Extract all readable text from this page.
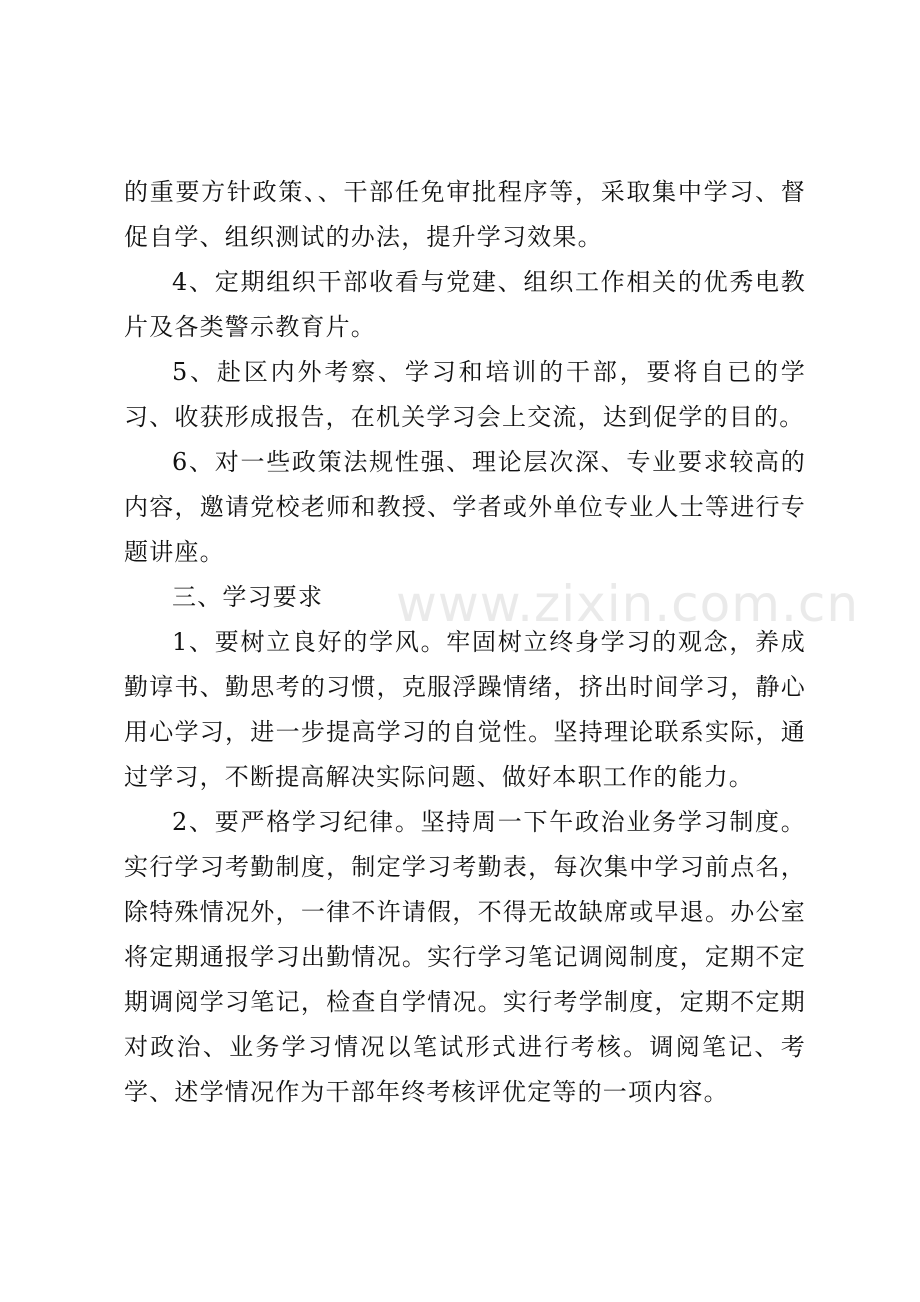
的重要方针政策、、干部任免审批程序等，采取集中学习、督促自学、组织测试的办法，提升学习效果。

4、定期组织干部收看与党建、组织工作相关的优秀电教片及各类警示教育片。

5、赴区内外考察、学习和培训的干部，要将自已的学习、收获形成报告，在机关学习会上交流，达到促学的目的。

6、对一些政策法规性强、理论层次深、专业要求较高的内容，邀请党校老师和教授、学者或外单位专业人士等进行专题讲座。

三、学习要求

1、要树立良好的学风。牢固树立终身学习的观念，养成勤谆书、勤思考的习惯，克服浮躁情绪，挤出时间学习，静心用心学习，进一步提高学习的自觉性。坚持理论联系实际，通过学习，不断提高解决实际问题、做好本职工作的能力。

2、要严格学习纪律。坚持周一下午政治业务学习制度。实行学习考勤制度，制定学习考勤表，每次集中学习前点名，除特殊情况外，一律不许请假，不得无故缺席或早退。办公室将定期通报学习出勤情况。实行学习笔记调阅制度，定期不定期调阅学习笔记，检查自学情况。实行考学制度，定期不定期对政治、业务学习情况以笔试形式进行考核。调阅笔记、考学、述学情况作为干部年终考核评优定等的一项内容。

www.zixin.com.cn
